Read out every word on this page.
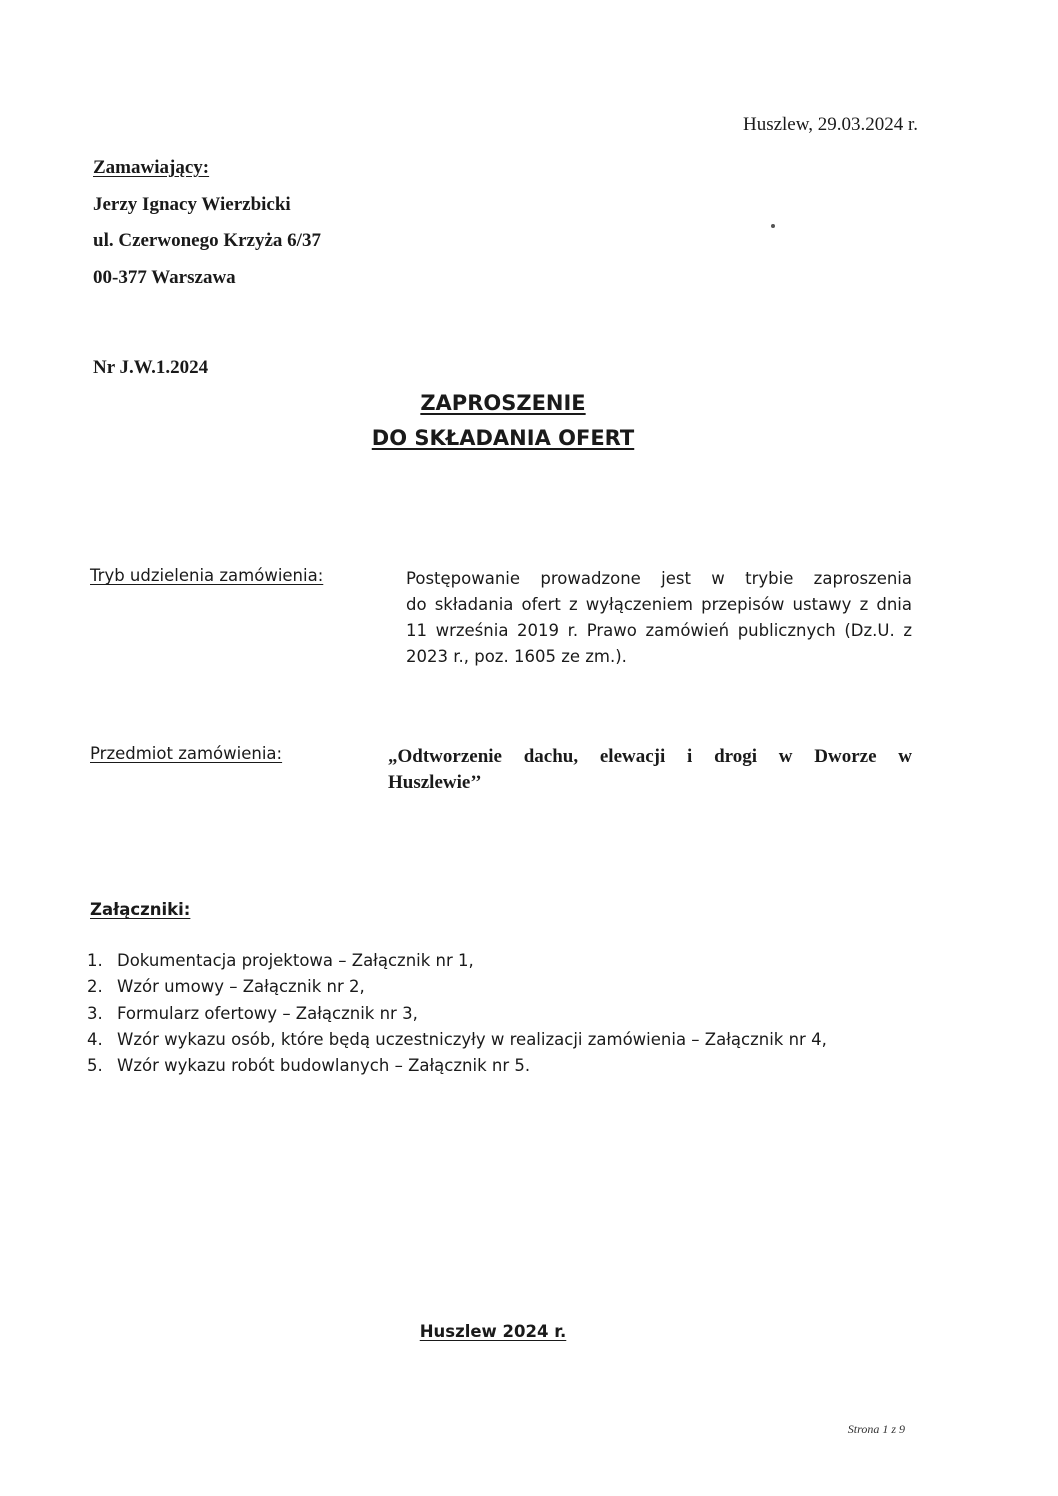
Huszlew, 29.03.2024 r.
Zamawiający:
Jerzy Ignacy Wierzbicki
ul. Czerwonego Krzyża 6/37
00-377 Warszawa
Nr J.W.1.2024
ZAPROSZENIE
DO SKŁADANIA OFERT
Tryb udzielenia zamówienia:	Postępowanie prowadzone jest w trybie zaproszenia
do składania ofert z wyłączeniem przepisów ustawy z dnia
11 września 2019 r. Prawo zamówień publicznych (Dz.U. z
2023 r., poz. 1605 ze zm.).
Przedmiot zamówienia:	„Odtworzenie dachu, elewacji i drogi w Dworze w
Huszlewie’’
Załączniki:
1. Dokumentacja projektowa – Załącznik nr 1,
2. Wzór umowy – Załącznik nr 2,
3. Formularz ofertowy – Załącznik nr 3,
4. Wzór wykazu osób, które będą uczestniczyły w realizacji zamówienia – Załącznik nr 4,
5. Wzór wykazu robót budowlanych – Załącznik nr 5.
Huszlew 2024 r.
Strona 1 z 9
